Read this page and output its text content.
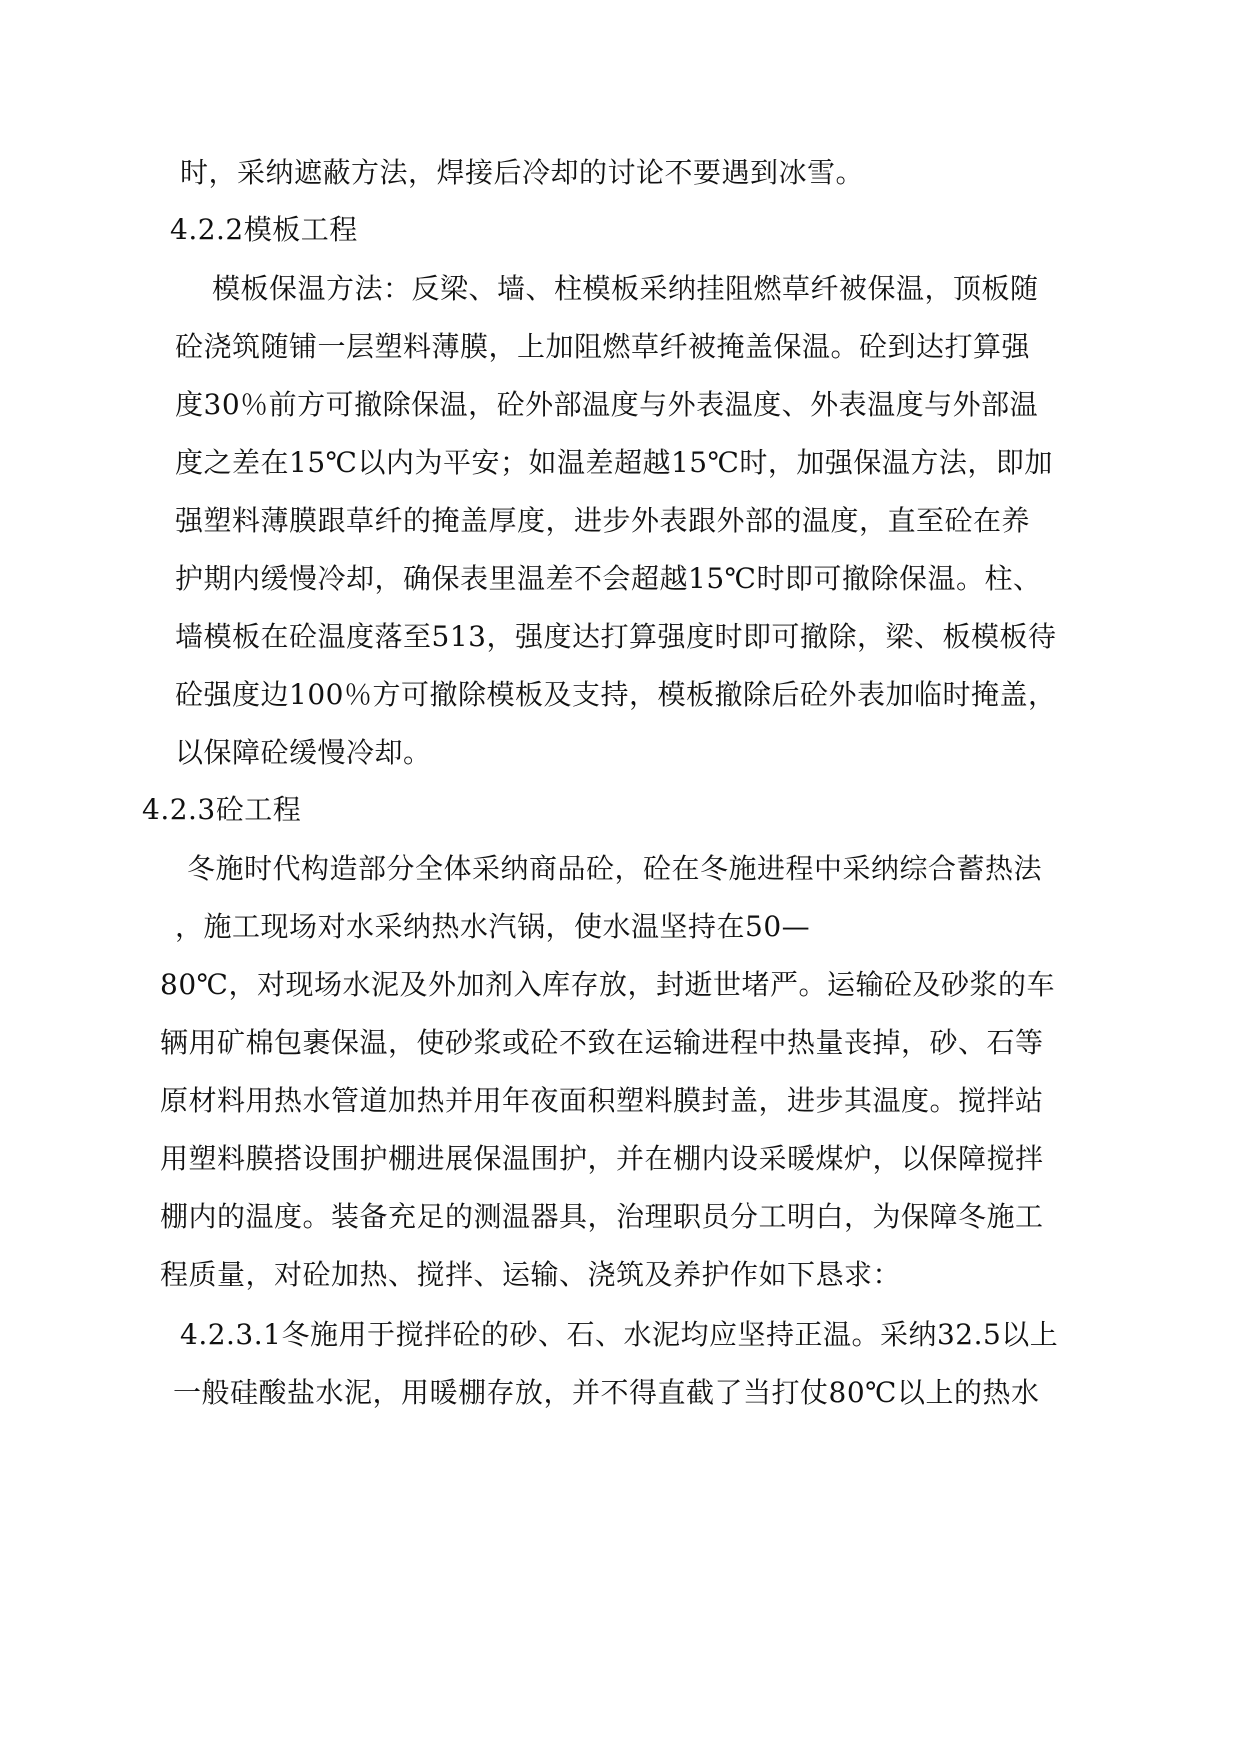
时，采纳遮蔽方法，焊接后冷却的讨论不要遇到冰雪。
4.2.2模板工程
模板保温方法：反梁、墙、柱模板采纳挂阻燃草纤被保温，顶板随
砼浇筑随铺一层塑料薄膜，上加阻燃草纤被掩盖保温。砼到达打算强
度30％前方可撤除保温，砼外部温度与外表温度、外表温度与外部温
度之差在15℃以内为平安；如温差超越15℃时，加强保温方法，即加
强塑料薄膜跟草纤的掩盖厚度，进步外表跟外部的温度，直至砼在养
护期内缓慢冷却，确保表里温差不会超越15℃时即可撤除保温。柱、
墙模板在砼温度落至513，强度达打算强度时即可撤除，梁、板模板待
砼强度边100％方可撤除模板及支持，模板撤除后砼外表加临时掩盖，
以保障砼缓慢冷却。
4.2.3砼工程
冬施时代构造部分全体采纳商品砼，砼在冬施进程中采纳综合蓄热法
，施工现场对水采纳热水汽锅，使水温坚持在50—
80℃，对现场水泥及外加剂入库存放，封逝世堵严。运输砼及砂浆的车
辆用矿棉包裹保温，使砂浆或砼不致在运输进程中热量丧掉，砂、石等
原材料用热水管道加热并用年夜面积塑料膜封盖，进步其温度。搅拌站
用塑料膜搭设围护棚进展保温围护，并在棚内设采暖煤炉，以保障搅拌
棚内的温度。装备充足的测温器具，治理职员分工明白，为保障冬施工
程质量，对砼加热、搅拌、运输、浇筑及养护作如下恳求：
4.2.3.1冬施用于搅拌砼的砂、石、水泥均应坚持正温。采纳32.5以上
一般硅酸盐水泥，用暖棚存放，并不得直截了当打仗80℃以上的热水
